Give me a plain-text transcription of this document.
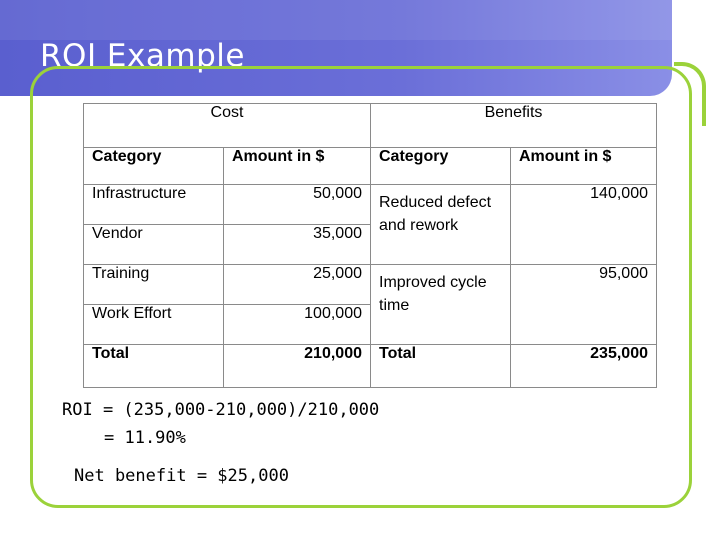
ROI Example
Cost		Benefits	
Category	Amount in $	Category	Amount in $
Infrastructure	50,000	Reduced defect and rework	140,000
Vendor	35,000		
Training	25,000	Improved cycle time	95,000
Work Effort	100,000		
Total	210,000	Total	235,000
ROI = (235,000-210,000)/210,000
= 11.90%
Net benefit = $25,000
